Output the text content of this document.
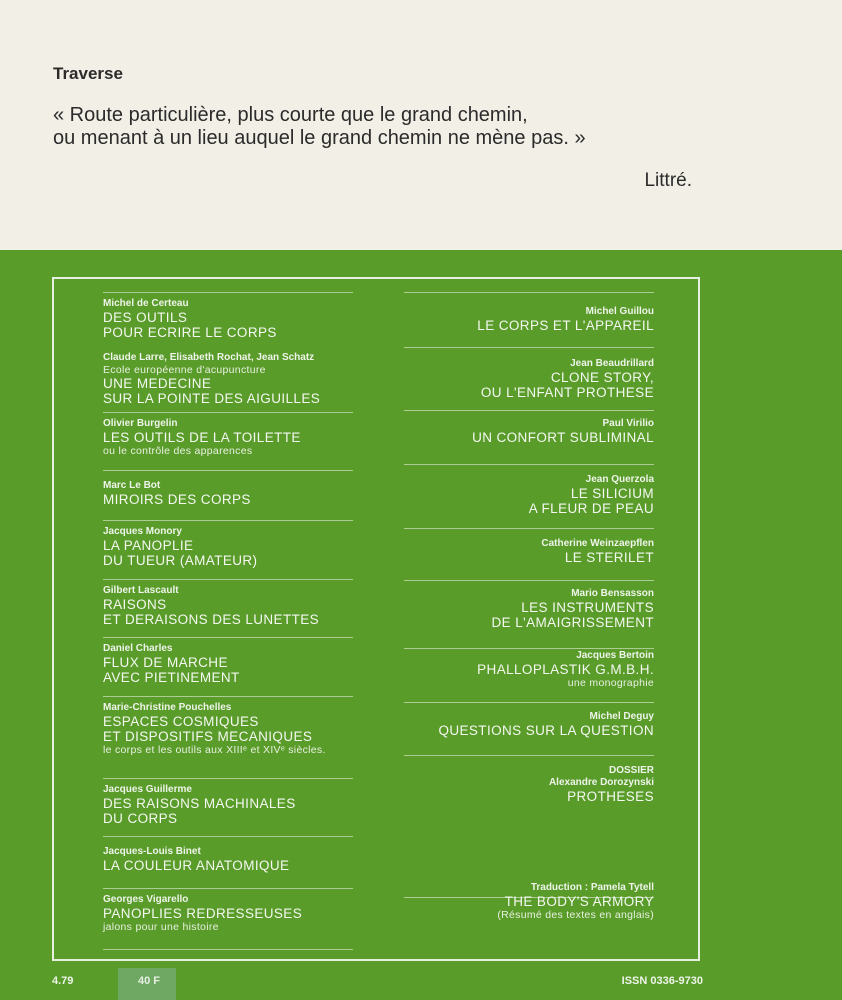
Traverse
« Route particulière, plus courte que le grand chemin,
ou menant à un lieu auquel le grand chemin ne mène pas. »
Littré.
Michel de Certeau
DES OUTILS
POUR ECRIRE LE CORPS
Claude Larre, Elisabeth Rochat, Jean Schatz
Ecole européenne d'acupuncture
UNE MEDECINE
SUR LA POINTE DES AIGUILLES
Olivier Burgelin
LES OUTILS DE LA TOILETTE
ou le contrôle des apparences
Marc Le Bot
MIROIRS DES CORPS
Jacques Monory
LA PANOPLIE
DU TUEUR (AMATEUR)
Gilbert Lascault
RAISONS
ET DERAISONS DES LUNETTES
Daniel Charles
FLUX DE MARCHE
AVEC PIETINEMENT
Marie-Christine Pouchelles
ESPACES COSMIQUES
ET DISPOSITIFS MECANIQUES
le corps et les outils aux XIIIᵉ et XIVᵉ siècles.
Jacques Guillerme
DES RAISONS MACHINALES
DU CORPS
Jacques-Louis Binet
LA COULEUR ANATOMIQUE
Georges Vigarello
PANOPLIES REDRESSEUSES
jalons pour une histoire
Michel Guillou
LE CORPS ET L'APPAREIL
Jean Beaudrillard
CLONE STORY,
OU L'ENFANT PROTHESE
Paul Virilio
UN CONFORT SUBLIMINAL
Jean Querzola
LE SILICIUM
A FLEUR DE PEAU
Catherine Weinzaepflen
LE STERILET
Mario Bensasson
LES INSTRUMENTS
DE L'AMAIGRISSEMENT
Jacques Bertoin
PHALLOPLASTIK G.M.B.H.
une monographie
Michel Deguy
QUESTIONS SUR LA QUESTION
DOSSIER
Alexandre Dorozynski
PROTHESES
Traduction : Pamela Tytell
THE BODY'S ARMORY
(Résumé des textes en anglais)
4.79	40 F	ISSN 0336-9730
